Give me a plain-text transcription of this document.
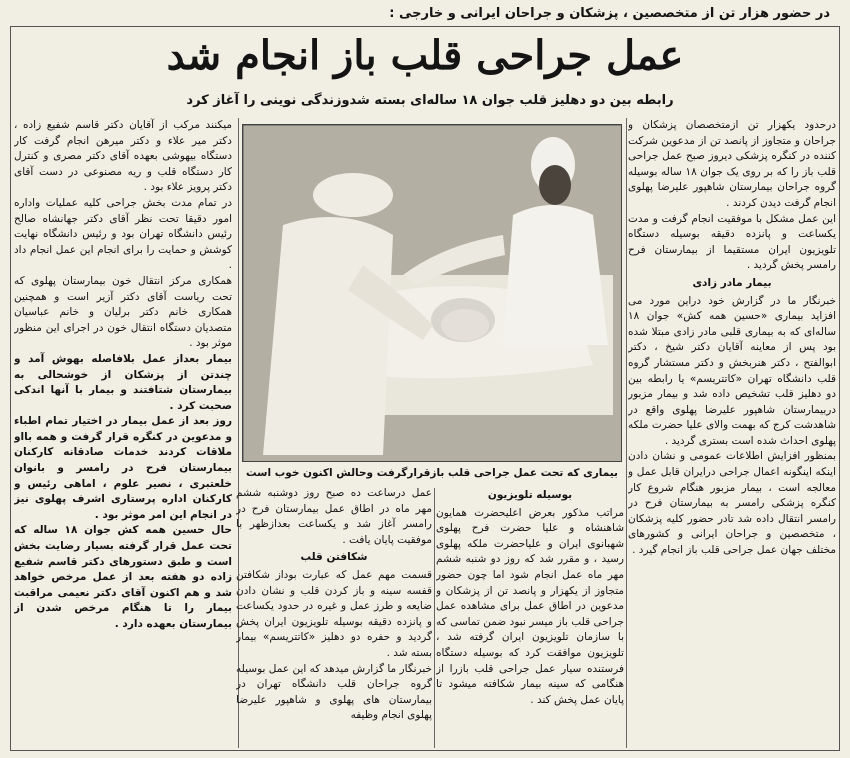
در حضور هزار تن از متخصصین ، پزشکان و جراحان ایرانی و خارجی :
عمل جراحی قلب باز انجام شد
رابطه بین دو دهلیز قلب جوان ۱۸ ساله‌ای بسته شدوزندگی نوینی را آغاز کرد

درحدود یکهزار تن ازمتخصصان پزشکان و جراحان و متجاوز از پانصد تن از مدعوین شرکت کننده در کنگره پزشکی دیروز صبح عمل جراحی قلب باز را که بر روی یک جوان ۱۸ ساله بوسیله گروه جراحان بیمارستان شاهپور علیرضا پهلوی انجام گرفت دیدن کردند .

این عمل مشکل با موفقیت انجام گرفت و مدت یکساعت و پانزده دقیقه بوسیله دستگاه تلویزیون ایران مستقیما از بیمارستان فرح رامسر پخش گردید .

بیمار مادر زادی

خبرنگار ما در گزارش خود دراین مورد می افزاید بیماری «حسین همه کش» جوان ۱۸ ساله‌ای که به بیماری قلبی مادر زادی مبتلا شده بود پس از معاینه آقایان دکتر شیخ ، دکتر ابوالفتح ، دکتر هنربخش و دکتر مستشار گروه قلب دانشگاه تهران «کاتتریسم» یا رابطه بین دو دهلیز قلب تشخیص داده شد و بیمار مزبور دربیمارستان شاهپور علیرضا پهلوی واقع در شاهدشت کرج که بهمت والای علیا حضرت ملکه پهلوی احداث شده است بستری گردید .

بمنظور افزایش اطلاعات عمومی و نشان دادن اینکه اینگونه اعمال جراحی درایران قابل عمل و معالجه است ، بیمار مزبور هنگام شروع کار کنگره پزشکی رامسر به بیمارستان فرح در رامسر انتقال داده شد تادر حضور کلیه پزشکان ، متخصصین و جراحان ایرانی و کشورهای مختلف جهان عمل جراحی قلب باز انجام گیرد .

بیماری که تحت عمل جراحی قلب بازقرارگرفت وحالش اکنون خوب است

بوسیله تلویزیون

مراتب مذکور بعرض اعلیحضرت همایون شاهنشاه و علیا حضرت فرح پهلوی شهبانوی ایران و علیاحضرت ملکه پهلوی رسید ، و مقرر شد که روز دو شنبه ششم مهر ماه عمل انجام شود اما چون حضور متجاوز از یکهزار و پانصد تن از پزشکان و مدعوین در اطاق عمل برای مشاهده عمل جراحی قلب باز میسر نبود ضمن تماسی که با سازمان تلویزیون ایران گرفته شد ، تلویزیون موافقت کرد که بوسیله دستگاه فرستنده سیار عمل جراحی قلب بازرا از هنگامی که سینه بیمار شکافته میشود تا پایان عمل پخش کند .

عمل درساعت ده صبح روز دوشنبه ششم مهر ماه در اطاق عمل بیمارستان فرح در رامسر آغاز شد و یکساعت بعدازظهر با موفقیت پایان یافت .

شکافتن قلب

قسمت مهم عمل که عبارت بوداز شکافتن قفسه سینه و باز کردن قلب و نشان دادن ضایعه و طرز عمل و غیره در حدود یکساعت و پانزده دقیقه بوسیله تلویزیون ایران پخش گردید و حفره دو دهلیز «کاتتریسم» بیمار بسته شد .

خبرنگار ما گزارش میدهد که این عمل بوسیله گروه جراحان قلب دانشگاه تهران در بیمارستان های پهلوی و شاهپور علیرضا پهلوی انجام وظیفه

میکنند مرکب از آقایان دکتر قاسم شفیع زاده ، دکتر میر علاء و دکتر میرهن انجام گرفت کار دستگاه بیهوشی بعهده آقای دکتر مصری و کنترل کار دستگاه قلب و ریه مصنوعی در دست آقای دکتر پرویز علاء بود .

در تمام مدت بخش جراحی کلیه عملیات واداره امور دقیقا تحت نظر آقای دکتر جهانشاه صالح رئیس دانشگاه تهران بود و رئیس دانشگاه نهایت کوشش و حمایت را برای انجام این عمل انجام داد .

همکاری مرکز انتقال خون بیمارستان پهلوی که تحت ریاست آقای دکتر آزیر است و همچنین همکاری خانم دکتر برلیان و خانم عباسیان متصدیان دستگاه انتقال خون در اجرای این منظور موثر بود .

بیمار بعداز عمل بلافاصله بهوش آمد و چندتن از پزشکان از خوشحالی به بیمارستان شتافتند و بیمار با آنها اندکی صحبت کرد .

روز بعد از عمل بیمار در اختیار تمام اطباء و مدعوین در کنگره قرار گرفت و همه بااو ملاقات کردند خدمات صادقانه کارکنان بیمارستان فرح در رامسر و بانوان خلعتبری ، نصیر علوم ، اماهی رئیس و کارکنان اداره پرستاری اشرف پهلوی نیز در انجام این امر موثر بود .

حال حسین همه کش جوان ۱۸ ساله که تحت عمل قرار گرفته بسیار رضایت بخش است و طبق دستورهای دکتر قاسم شفیع زاده دو هفته بعد از عمل مرخص خواهد شد و هم اکنون آقای دکتر نعیمی مراقبت بیمار را تا هنگام مرخص شدن از بیمارستان بعهده دارد .
